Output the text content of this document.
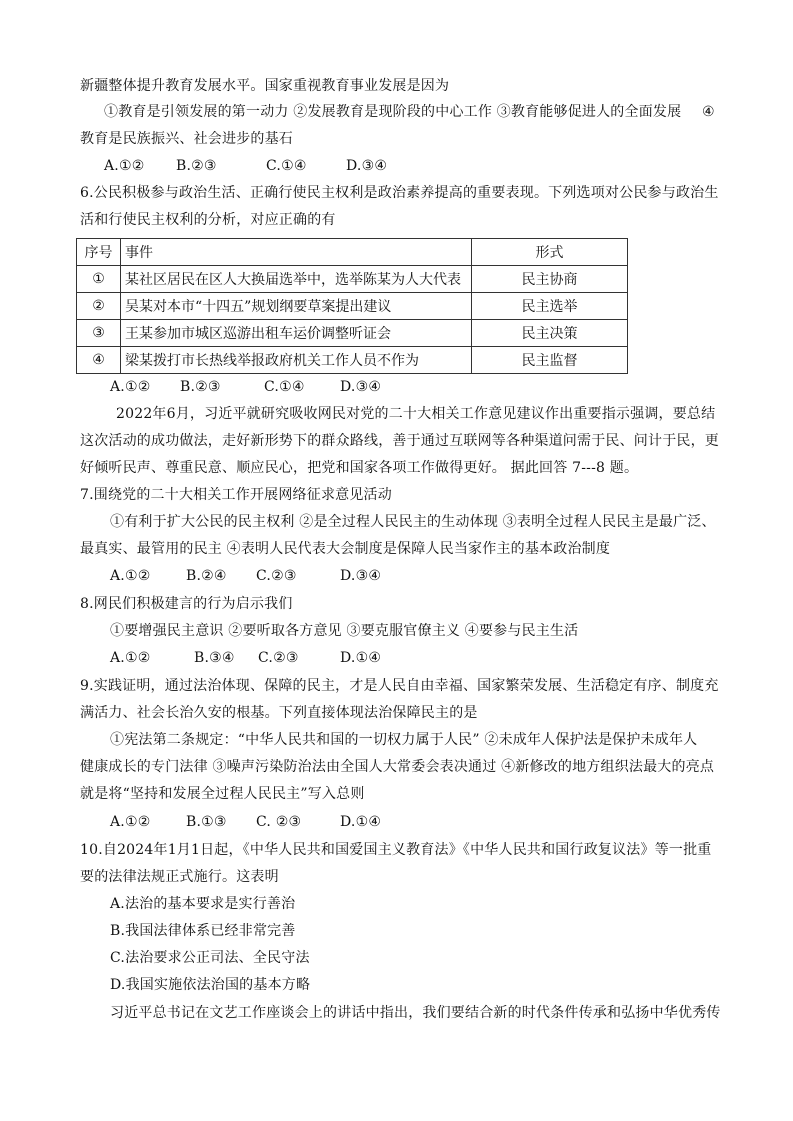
新疆整体提升教育发展水平。国家重视教育事业发展是因为
①教育是引领发展的第一动力 ②发展教育是现阶段的中心工作 ③教育能够促进人的全面发展 ④
教育是民族振兴、社会进步的基石
A.①② B.②③	C.①④	D.③④
6.公民积极参与政治生活、正确行使民主权利是政治素养提高的重要表现。下列选项对公民参与政治生
活和行使民主权利的分析，对应正确的有
序号	事件	形式
①	某社区居民在区人大换届选举中，选举陈某为人大代表	民主协商
②	吴某对本市“十四五”规划纲要草案提出建议	民主选举
③	王某参加市城区巡游出租车运价调整听证会	民主决策
④	梁某拨打市长热线举报政府机关工作人员不作为	民主监督
A.①② B.②③	C.①④	D.③④
2022年6月，习近平就研究吸收网民对党的二十大相关工作意见建议作出重要指示强调，要总结
这次活动的成功做法，走好新形势下的群众路线，善于通过互联网等各种渠道问需于民、问计于民，更
好倾听民声、尊重民意、顺应民心，把党和国家各项工作做得更好。 据此回答 7---8 题。
7.围绕党的二十大相关工作开展网络征求意见活动
①有利于扩大公民的民主权利 ②是全过程人民民主的生动体现 ③表明全过程人民民主是最广泛、
最真实、最管用的民主 ④表明人民代表大会制度是保障人民当家作主的基本政治制度
A.①②	B.②④ C.②③	D.③④
8.网民们积极建言的行为启示我们
①要增强民主意识 ②要听取各方意见 ③要克服官僚主义 ④要参与民主生活
A.①②	B.③④ C.②③	D.①④
9.实践证明，通过法治体现、保障的民主，才是人民自由幸福、国家繁荣发展、生活稳定有序、制度充
满活力、社会长治久安的根基。下列直接体现法治保障民主的是
①宪法第二条规定：“中华人民共和国的一切权力属于人民” ②未成年人保护法是保护未成年人
健康成长的专门法律 ③噪声污染防治法由全国人大常委会表决通过 ④新修改的地方组织法最大的亮点
就是将“坚持和发展全过程人民民主”写入总则
A.①②	B.①③ C. ②③	D.①④
10.自2024年1月1日起，《中华人民共和国爱国主义教育法》《中华人民共和国行政复议法》等一批重
要的法律法规正式施行。这表明
A.法治的基本要求是实行善治
B.我国法律体系已经非常完善
C.法治要求公正司法、全民守法
D.我国实施依法治国的基本方略
习近平总书记在文艺工作座谈会上的讲话中指出，我们要结合新的时代条件传承和弘扬中华优秀传
